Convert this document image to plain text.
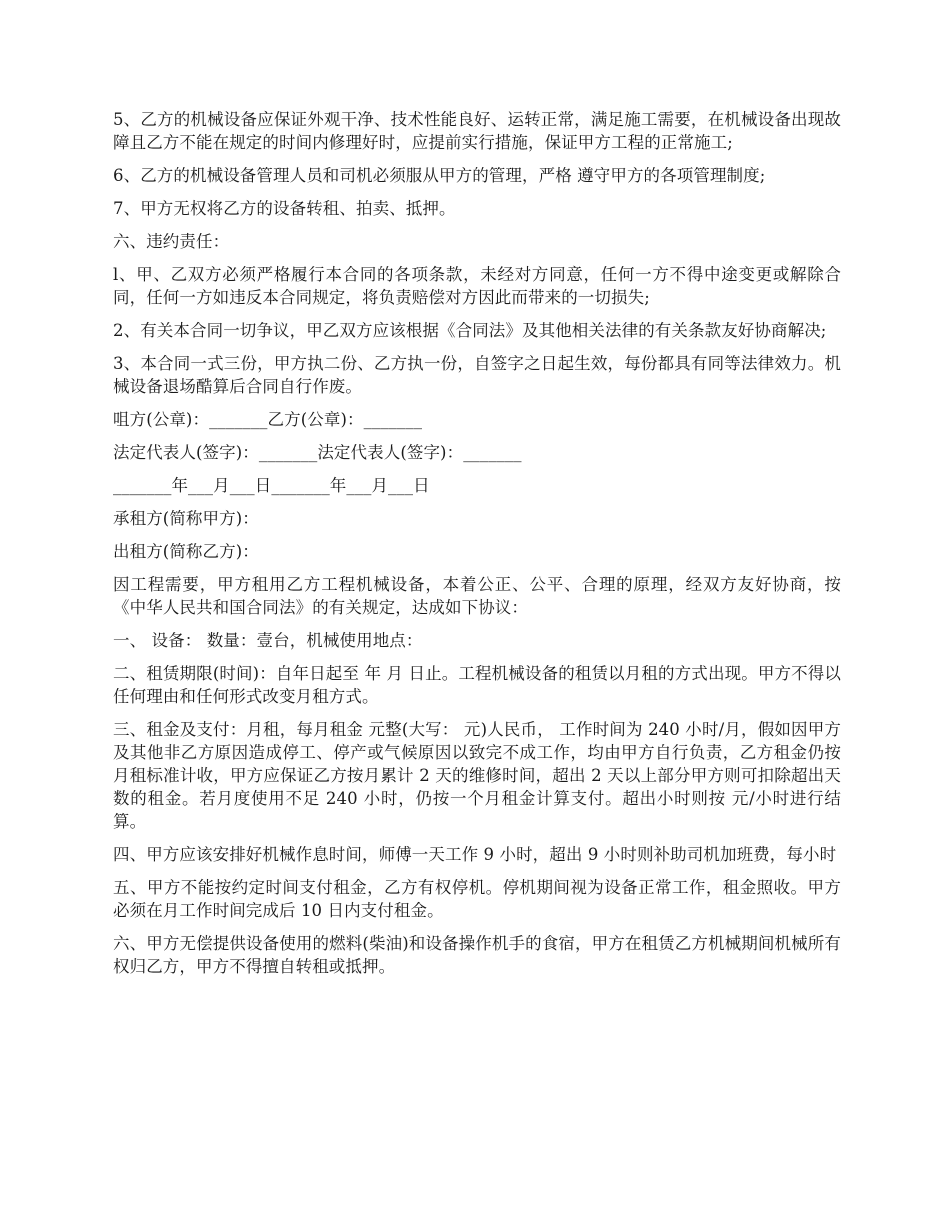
5、乙方的机械设备应保证外观干净、技术性能良好、运转正常，满足施工需要，在机械设备出现故障且乙方不能在规定的时间内修理好时，应提前实行措施，保证甲方工程的正常施工;

6、乙方的机械设备管理人员和司机必须服从甲方的管理，严格 遵守甲方的各项管理制度;

7、甲方无权将乙方的设备转租、拍卖、抵押。

六、违约责任：

l、甲、乙双方必须严格履行本合同的各项条款，未经对方同意，任何一方不得中途变更或解除合同，任何一方如违反本合同规定，将负责赔偿对方因此而带来的一切损失;

2、有关本合同一切争议，甲乙双方应该根据《合同法》及其他相关法律的有关条款友好协商解决;

3、本合同一式三份，甲方执二份、乙方执一份，自签字之日起生效，每份都具有同等法律效力。机械设备退场酷算后合同自行作废。

咀方(公章)：_______乙方(公章)：_______

法定代表人(签字)：_______法定代表人(签字)：_______

_______年___月___日_______年___月___日

承租方(简称甲方)：

出租方(简称乙方)：

因工程需要，甲方租用乙方工程机械设备，本着公正、公平、合理的原理，经双方友好协商，按《中华人民共和国合同法》的有关规定，达成如下协议：

一、 设备： 数量：壹台，机械使用地点：

二、租赁期限(时间)：自年日起至 年 月 日止。工程机械设备的租赁以月租的方式出现。甲方不得以任何理由和任何形式改变月租方式。

三、租金及支付：月租，每月租金 元整(大写： 元)人民币， 工作时间为 240 小时/月，假如因甲方及其他非乙方原因造成停工、停产或气候原因以致完不成工作，均由甲方自行负责，乙方租金仍按月租标准计收，甲方应保证乙方按月累计 2 天的维修时间，超出 2 天以上部分甲方则可扣除超出天数的租金。若月度使用不足 240 小时，仍按一个月租金计算支付。超出小时则按 元/小时进行结算。

四、甲方应该安排好机械作息时间，师傅一天工作 9 小时，超出 9 小时则补助司机加班费，每小时

五、甲方不能按约定时间支付租金，乙方有权停机。停机期间视为设备正常工作，租金照收。甲方必须在月工作时间完成后 10 日内支付租金。

六、甲方无偿提供设备使用的燃料(柴油)和设备操作机手的食宿，甲方在租赁乙方机械期间机械所有权归乙方，甲方不得擅自转租或抵押。
